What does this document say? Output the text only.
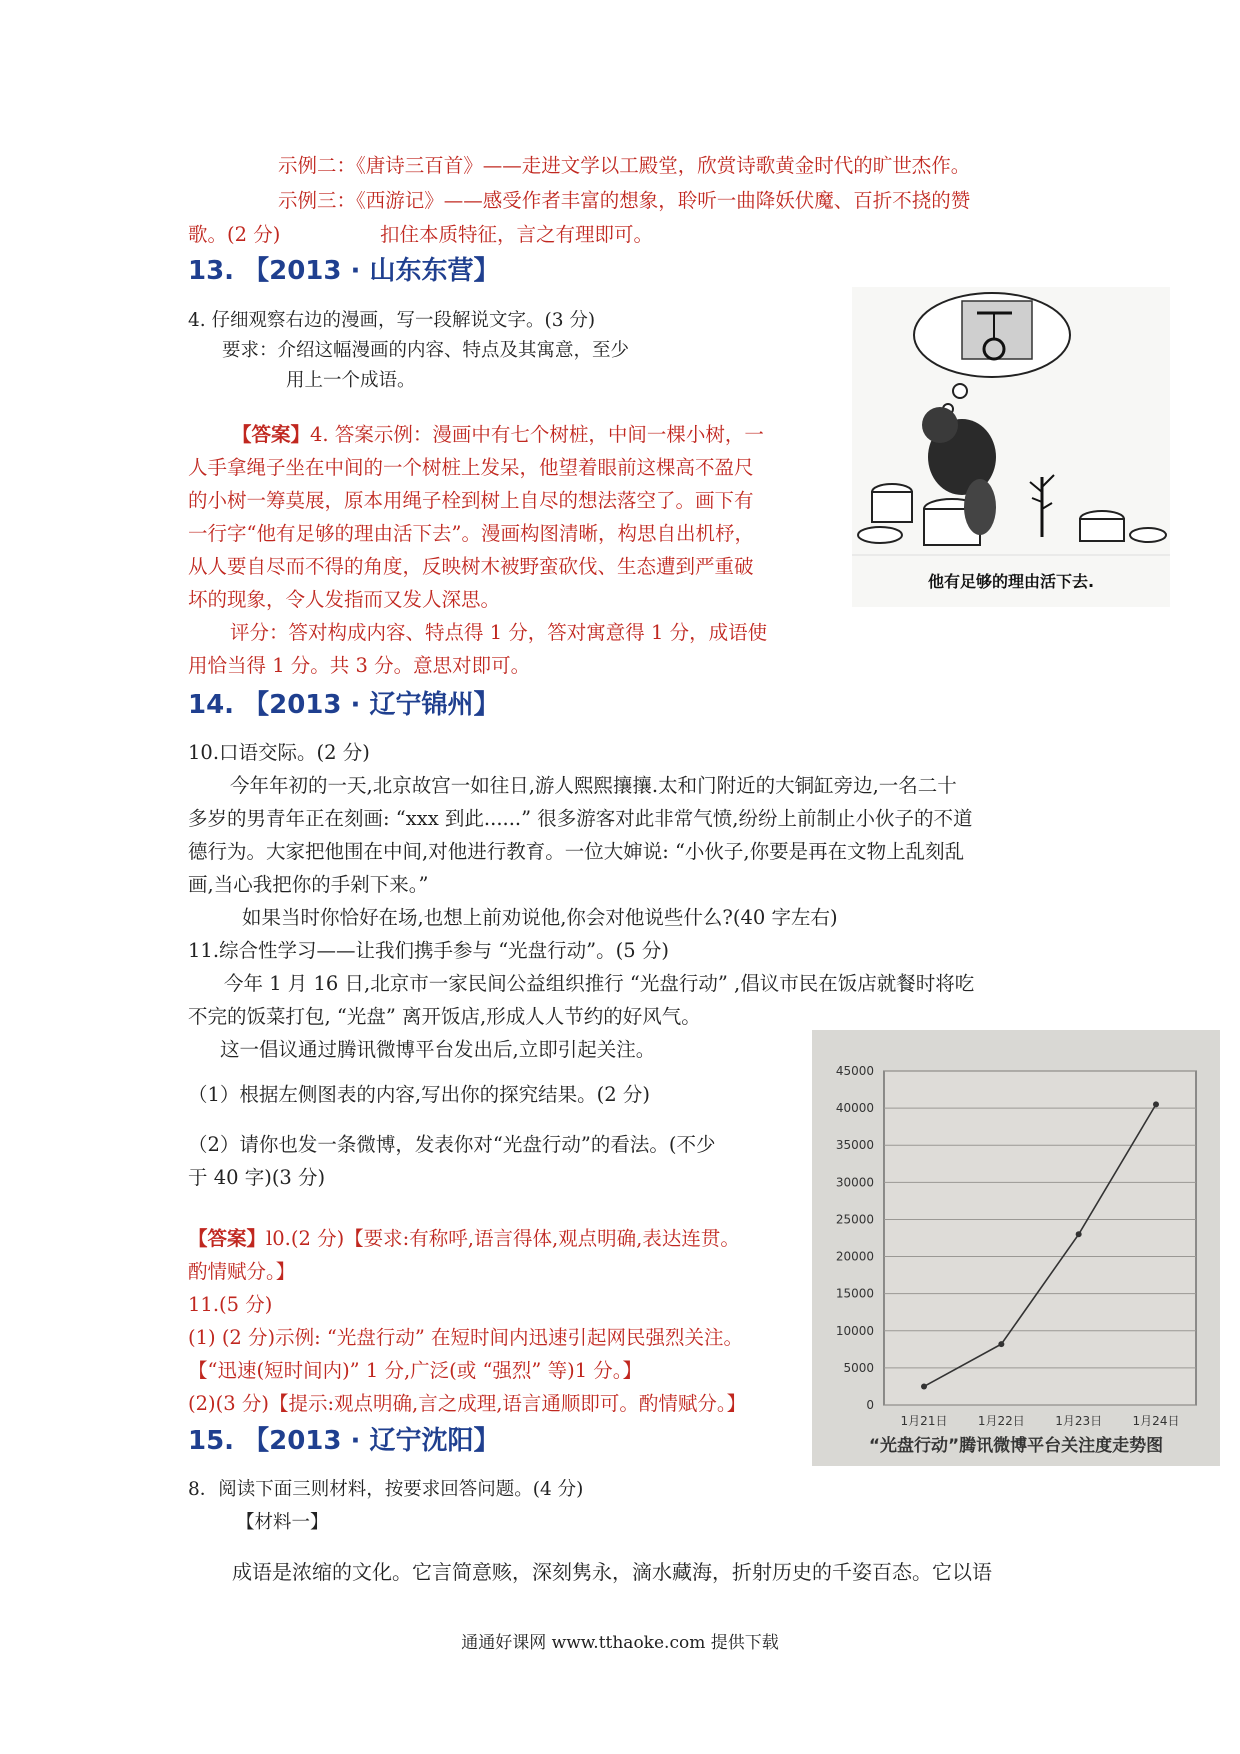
示例二：《唐诗三百首》——走进文学以工殿堂，欣赏诗歌黄金时代的旷世杰作。
示例三：《西游记》——感受作者丰富的想象，聆听一曲降妖伏魔、百折不挠的赞
歌。(2 分)	扣住本质特征，言之有理即可。
13. 【2013 · 山东东营】
4. 仔细观察右边的漫画，写一段解说文字。(3 分)
要求：介绍这幅漫画的内容、特点及其寓意，至少
用上一个成语。
【答案】4. 答案示例：漫画中有七个树桩，中间一棵小树，一
人手拿绳子坐在中间的一个树桩上发呆，他望着眼前这棵高不盈尺
的小树一筹莫展，原本用绳子栓到树上自尽的想法落空了。画下有
一行字“他有足够的理由活下去”。漫画构图清晰，构思自出机杼，
从人要自尽而不得的角度，反映树木被野蛮砍伐、生态遭到严重破
坏的现象，令人发指而又发人深思。
评分：答对构成内容、特点得 1 分，答对寓意得 1 分，成语使
用恰当得 1 分。共 3 分。意思对即可。
他有足够的理由活下去.
14. 【2013 · 辽宁锦州】
10.口语交际。(2 分)
今年年初的一天,北京故宫一如往日,游人熙熙攘攘.太和门附近的大铜缸旁边,一名二十
多岁的男青年正在刻画: “xxx 到此......” 很多游客对此非常气愤,纷纷上前制止小伙子的不道
德行为。大家把他围在中间,对他进行教育。一位大婶说: “小伙子,你要是再在文物上乱刻乱
画,当心我把你的手剁下来。”
如果当时你恰好在场,也想上前劝说他,你会对他说些什么?(40 字左右)
11.综合性学习——让我们携手参与 “光盘行动”。(5 分)
今年 1 月 16 日,北京市一家民间公益组织推行 “光盘行动” ,倡议市民在饭店就餐时将吃
不完的饭菜打包, “光盘” 离开饭店,形成人人节约的好风气。
这一倡议通过腾讯微博平台发出后,立即引起关注。
（1）根据左侧图表的内容,写出你的探究结果。(2 分)
（2）请你也发一条微博，发表你对“光盘行动”的看法。(不少
于 40 字)(3 分)
【答案】l0.(2 分)【要求:有称呼,语言得体,观点明确,表达连贯。
酌情赋分。】
11.(5 分)
(1) (2 分)示例: “光盘行动” 在短时间内迅速引起网民强烈关注。
【“迅速(短时间内)” 1 分,广泛(或 “强烈” 等)1 分。】
(2)(3 分)【提示:观点明确,言之成理,语言通顺即可。酌情赋分。】	0
5000
10000
15000
20000
25000
30000
35000
40000
45000
1月21日	1月22日	1月23日	1月24日
“光盘行动”腾讯微博平台关注度走势图
15. 【2013 · 辽宁沈阳】
8．阅读下面三则材料，按要求回答问题。(4 分)
【材料一】
成语是浓缩的文化。它言简意赅，深刻隽永，滴水藏海，折射历史的千姿百态。它以语
通通好课网 www.tthaoke.com 提供下载
